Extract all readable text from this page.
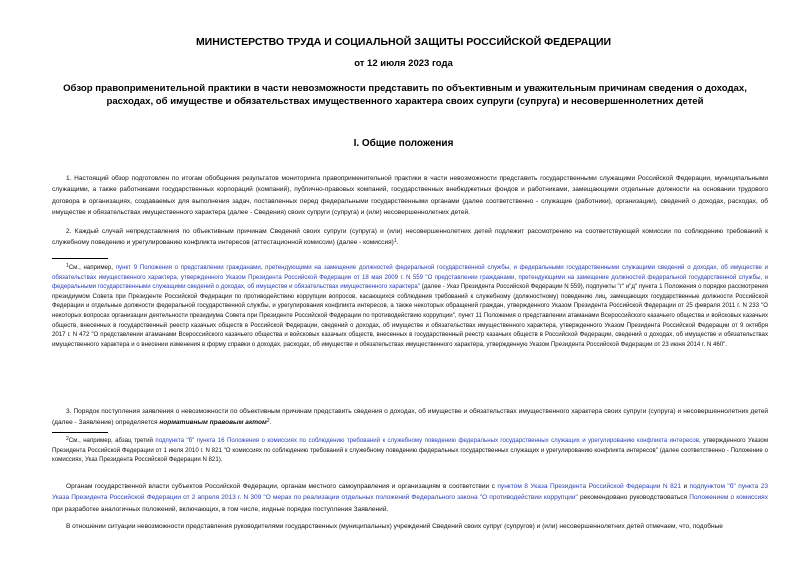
МИНИСТЕРСТВО ТРУДА И СОЦИАЛЬНОЙ ЗАЩИТЫ РОССИЙСКОЙ ФЕДЕРАЦИИ
от 12 июля 2023 года
Обзор правоприменительной практики в части невозможности представить по объективным и уважительным причинам сведения о доходах, расходах, об имуществе и обязательствах имущественного характера своих супруги (супруга) и несовершеннолетних детей
I. Общие положения
1. Настоящий обзор подготовлен по итогам обобщения результатов мониторинга правоприменительной практики в части невозможности представить государственными служащими Российской Федерации, муниципальными служащими, а также работниками государственных корпораций (компаний), публично-правовых компаний, государственных внебюджетных фондов и работниками, замещающими отдельные должности на основании трудового договора в организациях, создаваемых для выполнения задач, поставленных перед федеральными государственными органами (далее соответственно - служащие (работники), организации), сведений о доходах, расходах, об имуществе и обязательствах имущественного характера (далее - Сведения) своих супруги (супруга) и (или) несовершеннолетних детей.
2. Каждый случай непредставления по объективным причинам Сведений своих супруги (супруга) и (или) несовершеннолетних детей подлежит рассмотрению на соответствующей комиссии по соблюдению требований к служебному поведению и урегулированию конфликта интересов (аттестационной комиссии) (далее - комиссия)$^1$.
$^1$См., например, пункт 9 Положения о представлении гражданами, претендующими на замещение должностей федеральной государственной службы, и федеральными государственными служащими сведений о доходах, об имуществе и обязательствах имущественного характера, утвержденного Указом Президента Российской Федерации от 18 мая 2009 г. N 559 "О представлении гражданами, претендующими на замещение должностей федеральной государственной службы, и федеральными государственными служащими сведений о доходах, об имуществе и обязательствах имущественного характера" (далее - Указ Президента Российской Федерации N 559), подпункты "г" и"д" пункта 1 Положения о порядке рассмотрения президиумом Совета при Президенте Российской Федерации по противодействию коррупции вопросов, касающихся соблюдения требований к служебному (должностному) поведению лиц, замещающих государственные должности Российской Федерации и отдельные должности федеральной государственной службы, и урегулирования конфликта интересов, а также некоторых обращений граждан, утвержденного Указом Президента Российской Федерации от 25 февраля 2011 г. N 233 "О некоторых вопросах организации деятельности президиума Совета при Президенте Российской Федерации по противодействию коррупции", пункт 11 Положения о представлении атаманами Всероссийского казачьего общества и войсковых казачьих обществ, внесенных в государственный реестр казачьих обществ в Российской Федерации, сведений о доходах, об имуществе и обязательствах имущественного характера, утвержденного Указом Президента Российской Федерации от 9 октября 2017 г. N 472 "О представлении атаманами Всероссийского казачьего общества и войсковых казачьих обществ, внесенных в государственный реестр казачьих обществ в Российской Федерации, сведений о доходах, об имуществе и обязательствах имущественного характера и о внесении изменения в форму справки о доходах, расходах, об имуществе и обязательствах имущественного характера, утвержденную Указом Президента Российской Федерации от 23 июня 2014 г. N 460".
3. Порядок поступления заявления о невозможности по объективным причинам представить сведения о доходах, об имуществе и обязательствах имущественного характера своих супруги (супруга) и несовершеннолетних детей (далее - Заявление) определяется нормативным правовым актом$^2$.
$^2$См., например, абзац третий подпункта "б" пункта 16 Положения о комиссиях по соблюдению требований к служебному поведению федеральных государственных служащих и урегулированию конфликта интересов, утвержденного Указом Президента Российской Федерации от 1 июля 2010 г. N 821 "О комиссиях по соблюдению требований к служебному поведению федеральных государственных служащих и урегулированию конфликта интересов" (далее соответственно - Положение о комиссиях, Указ Президента Российской Федерации N 821).
Органам государственной власти субъектов Российской Федерации, органам местного самоуправления и организациям в соответствии с пунктом 8 Указа Президента Российской Федерации N 821 и подпунктом "б" пункта 23 Указа Президента Российской Федерации от 2 апреля 2013 г. N 309 "О мерах по реализации отдельных положений Федерального закона "О противодействии коррупции" рекомендовано руководствоваться Положением о комиссиях при разработке аналогичных положений, включающих, в том числе, иидные порядке поступления Заявлений.
В отношении ситуации невозможности представления руководителями государственных (муниципальных) учреждений Сведений своих супруг (супругов) и (или) несовершеннолетних детей отмечаем, что, подобные
